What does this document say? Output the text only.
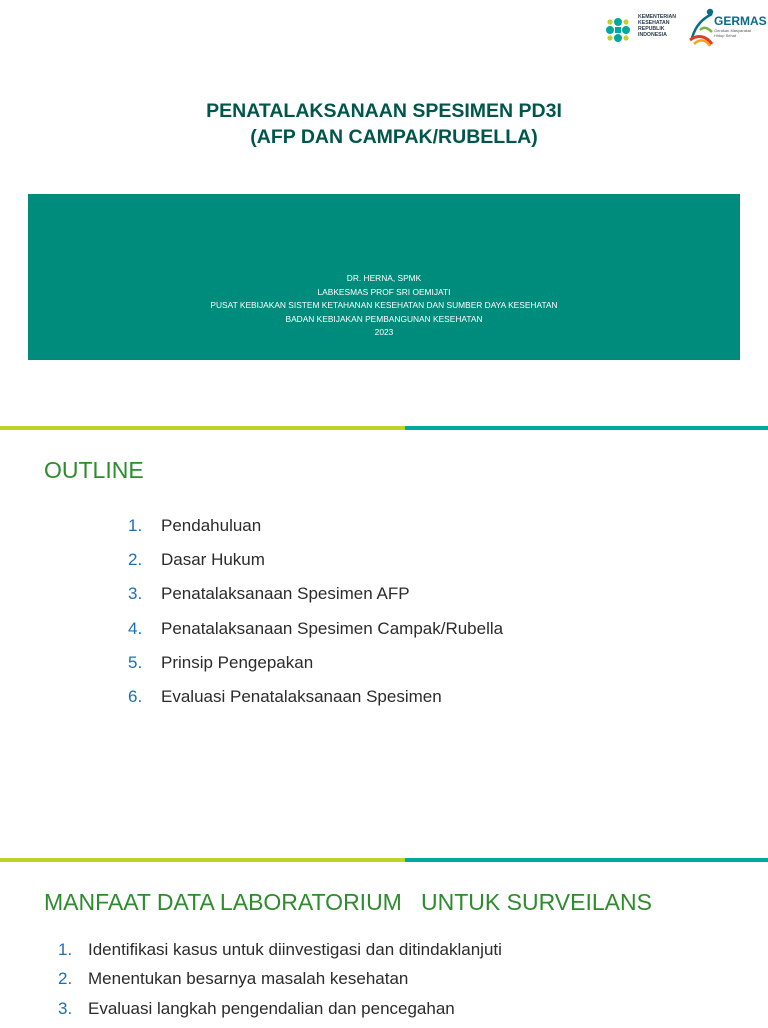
KEMENTERIAN
KESEHATAN
REPUBLIK
INDONESIA
GERMAS
Gerakan Masyarakat
Hidup Sehat
PENATALAKSANAAN SPESIMEN PD3I
(AFP DAN CAMPAK/RUBELLA)
DR. HERNA, SPMK
LABKESMAS PROF SRI OEMIJATI
PUSAT KEBIJAKAN SISTEM KETAHANAN KESEHATAN DAN SUMBER DAYA KESEHATAN
BADAN KEBIJAKAN PEMBANGUNAN KESEHATAN
2023
OUTLINE
1.	Pendahuluan
2.	Dasar Hukum
3.	Penatalaksanaan Spesimen AFP
4.	Penatalaksanaan Spesimen Campak/Rubella
5.	Prinsip Pengepakan
6.	Evaluasi Penatalaksanaan Spesimen
MANFAAT DATA LABORATORIUM   UNTUK SURVEILANS
1. Identifikasi kasus untuk diinvestigasi dan ditindaklanjuti
2. Menentukan besarnya masalah kesehatan
3. Evaluasi langkah pengendalian dan pencegahan
